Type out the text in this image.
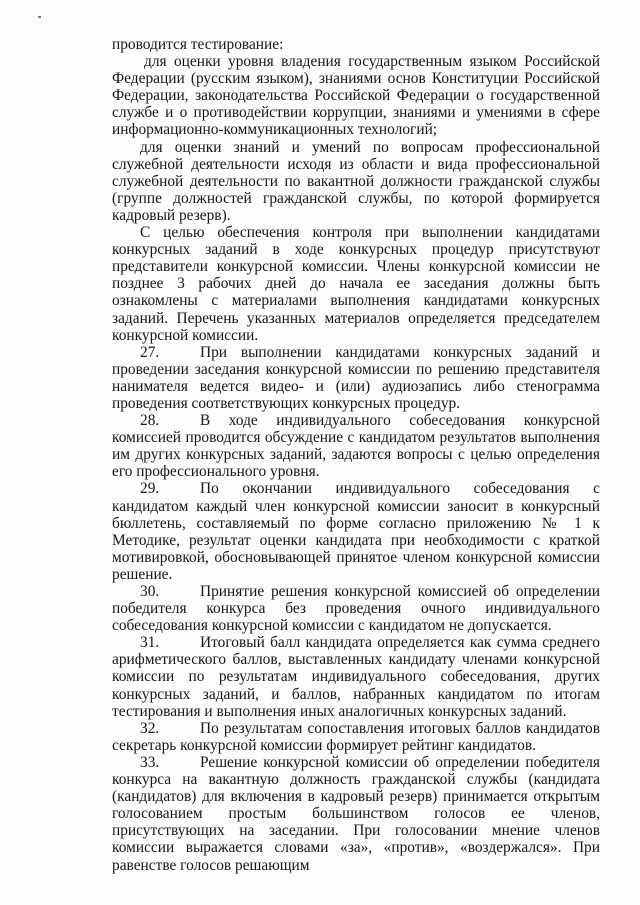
проводится тестирование:

для оценки уровня владения государственным языком Российской Федерации (русским языком), знаниями основ Конституции Российской Федерации, законодательства Российской Федерации о государственной службе и о противодействии коррупции, знаниями и умениями в сфере информационно-коммуникационных технологий;

для оценки знаний и умений по вопросам профессиональной служебной деятельности исходя из области и вида профессиональной служебной деятельности по вакантной должности гражданской службы (группе должностей гражданской службы, по которой формируется кадровый резерв).

С целью обеспечения контроля при выполнении кандидатами конкурсных заданий в ходе конкурсных процедур присутствуют представители конкурсной комиссии. Члены конкурсной комиссии не позднее 3 рабочих дней до начала ее заседания должны быть ознакомлены с материалами выполнения кандидатами конкурсных заданий. Перечень указанных материалов определяется председателем конкурсной комиссии.

27.	При выполнении кандидатами конкурсных заданий и проведении заседания конкурсной комиссии по решению представителя нанимателя ведется видео- и (или) аудиозапись либо стенограмма проведения соответствующих конкурсных процедур.

28.	В ходе индивидуального собеседования конкурсной комиссией проводится обсуждение с кандидатом результатов выполнения им других конкурсных заданий, задаются вопросы с целью определения его профессионального уровня.

29.	По окончании индивидуального собеседования с кандидатом каждый член конкурсной комиссии заносит в конкурсный бюллетень, составляемый по форме согласно приложению № 1 к Методике, результат оценки кандидата при необходимости с краткой мотивировкой, обосновывающей принятое членом конкурсной комиссии решение.

30.	Принятие решения конкурсной комиссией об определении победителя конкурса без проведения очного индивидуального собеседования конкурсной комиссии с кандидатом не допускается.

31.	Итоговый балл кандидата определяется как сумма среднего арифметического баллов, выставленных кандидату членами конкурсной комиссии по результатам индивидуального собеседования, других конкурсных заданий, и баллов, набранных кандидатом по итогам тестирования и выполнения иных аналогичных конкурсных заданий.

32.	По результатам сопоставления итоговых баллов кандидатов секретарь конкурсной комиссии формирует рейтинг кандидатов.

33.	Решение конкурсной комиссии об определении победителя конкурса на вакантную должность гражданской службы (кандидата (кандидатов) для включения в кадровый резерв) принимается открытым голосованием простым большинством голосов ее членов, присутствующих на заседании. При голосовании мнение членов комиссии выражается словами «за», «против», «воздержался». При равенстве голосов решающим
